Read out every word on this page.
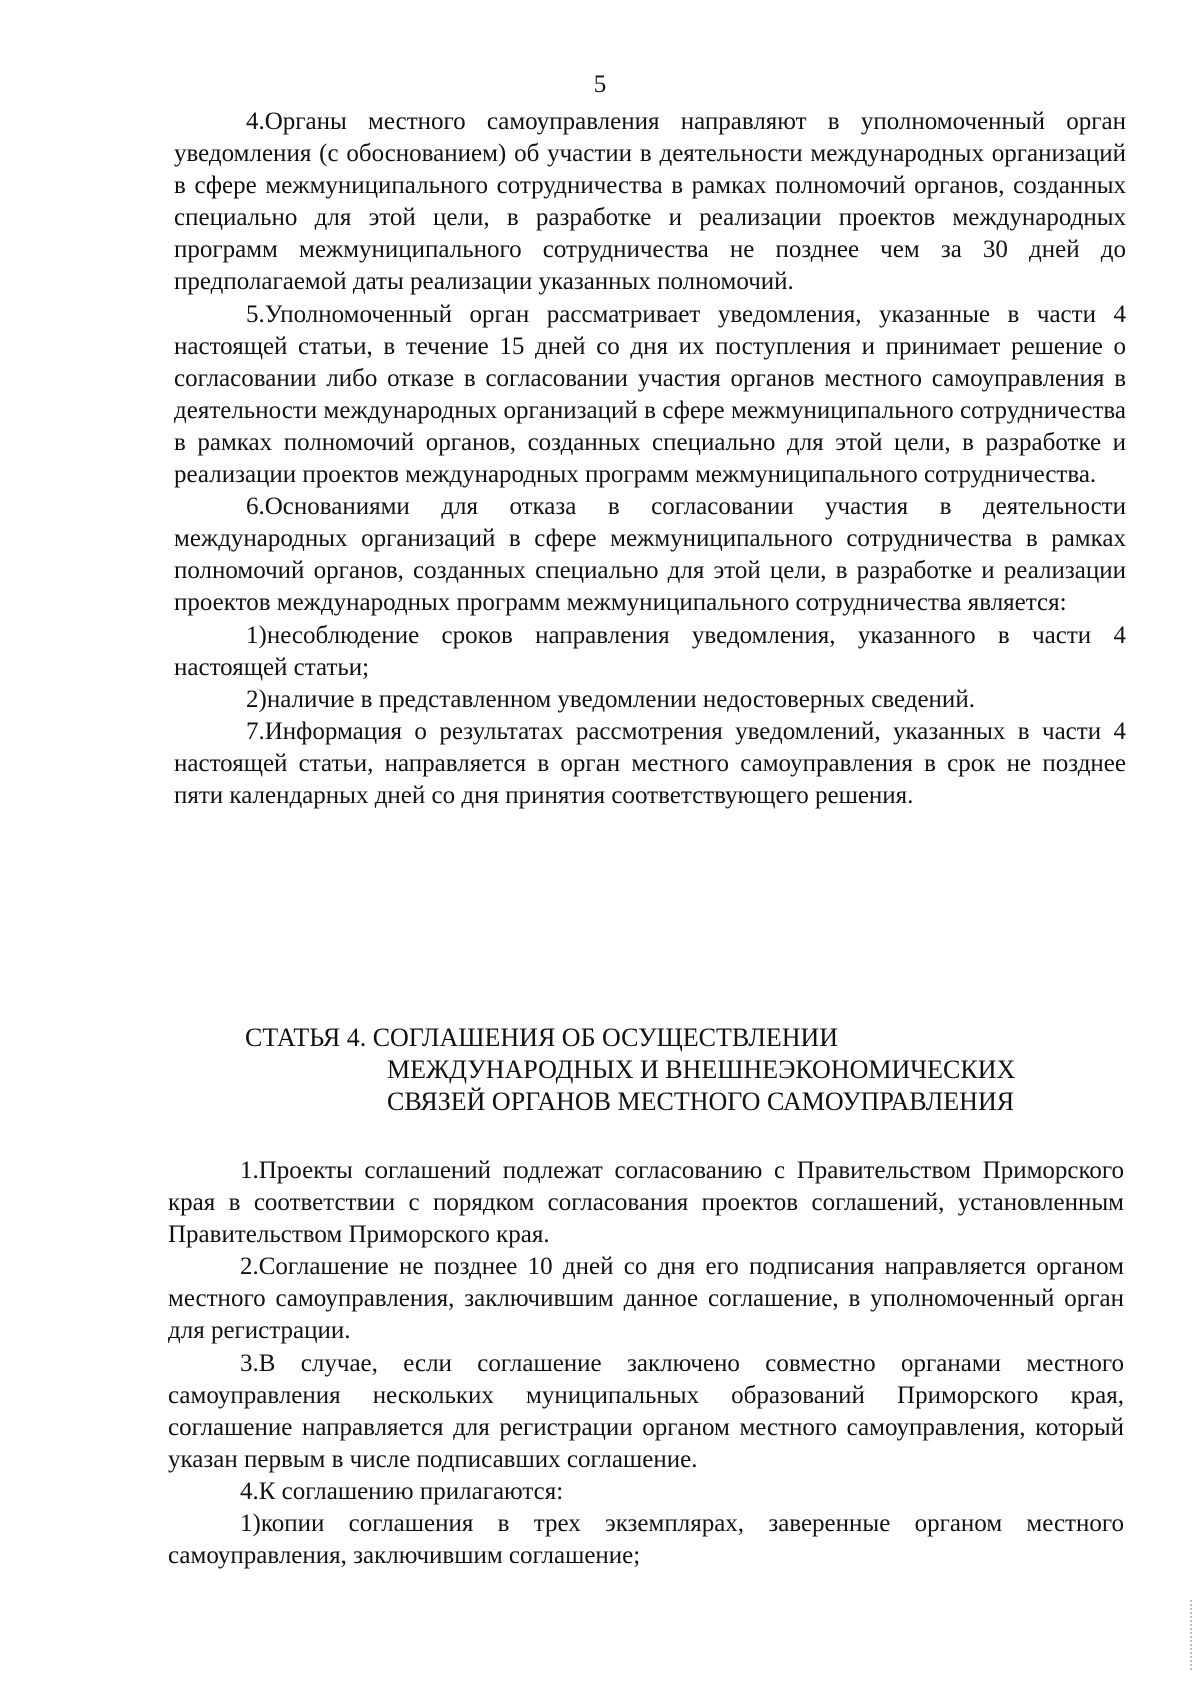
5

4.Органы местного самоуправления направляют в уполномоченный орган уведомления (с обоснованием) об участии в деятельности международных организаций в сфере межмуниципального сотрудничества в рамках полномочий органов, созданных специально для этой цели, в разработке и реализации проектов международных программ межмуниципального сотрудничества не позднее чем за 30 дней до предполагаемой даты реализации указанных полномочий.

5.Уполномоченный орган рассматривает уведомления, указанные в части 4 настоящей статьи, в течение 15 дней со дня их поступления и принимает решение о согласовании либо отказе в согласовании участия органов местного самоуправления в деятельности международных организаций в сфере межмуниципального сотрудничества в рамках полномочий органов, созданных специально для этой цели, в разработке и реализации проектов международных программ межмуниципального сотрудничества.

6.Основаниями для отказа в согласовании участия в деятельности международных организаций в сфере межмуниципального сотрудничества в рамках полномочий органов, созданных специально для этой цели, в разработке и реализации проектов международных программ межмуниципального сотрудничества является:

1)несоблюдение сроков направления уведомления, указанного в части 4 настоящей статьи;

2)наличие в представленном уведомлении недостоверных сведений.

7.Информация о результатах рассмотрения уведомлений, указанных в части 4 настоящей статьи, направляется в орган местного самоуправления в срок не позднее пяти календарных дней со дня принятия соответствующего решения.

СТАТЬЯ 4. СОГЛАШЕНИЯ ОБ ОСУЩЕСТВЛЕНИИ
МЕЖДУНАРОДНЫХ И ВНЕШНЕЭКОНОМИЧЕСКИХ
СВЯЗЕЙ ОРГАНОВ МЕСТНОГО САМОУПРАВЛЕНИЯ

1.Проекты соглашений подлежат согласованию с Правительством Приморского края в соответствии с порядком согласования проектов соглашений, установленным Правительством Приморского края.

2.Соглашение не позднее 10 дней со дня его подписания направляется органом местного самоуправления, заключившим данное соглашение, в уполномоченный орган для регистрации.

3.В случае, если соглашение заключено совместно органами местного самоуправления нескольких муниципальных образований Приморского края, соглашение направляется для регистрации органом местного самоуправления, который указан первым в числе подписавших соглашение.

4.К соглашению прилагаются:

1)копии соглашения в трех экземплярах, заверенные органом местного самоуправления, заключившим соглашение;
